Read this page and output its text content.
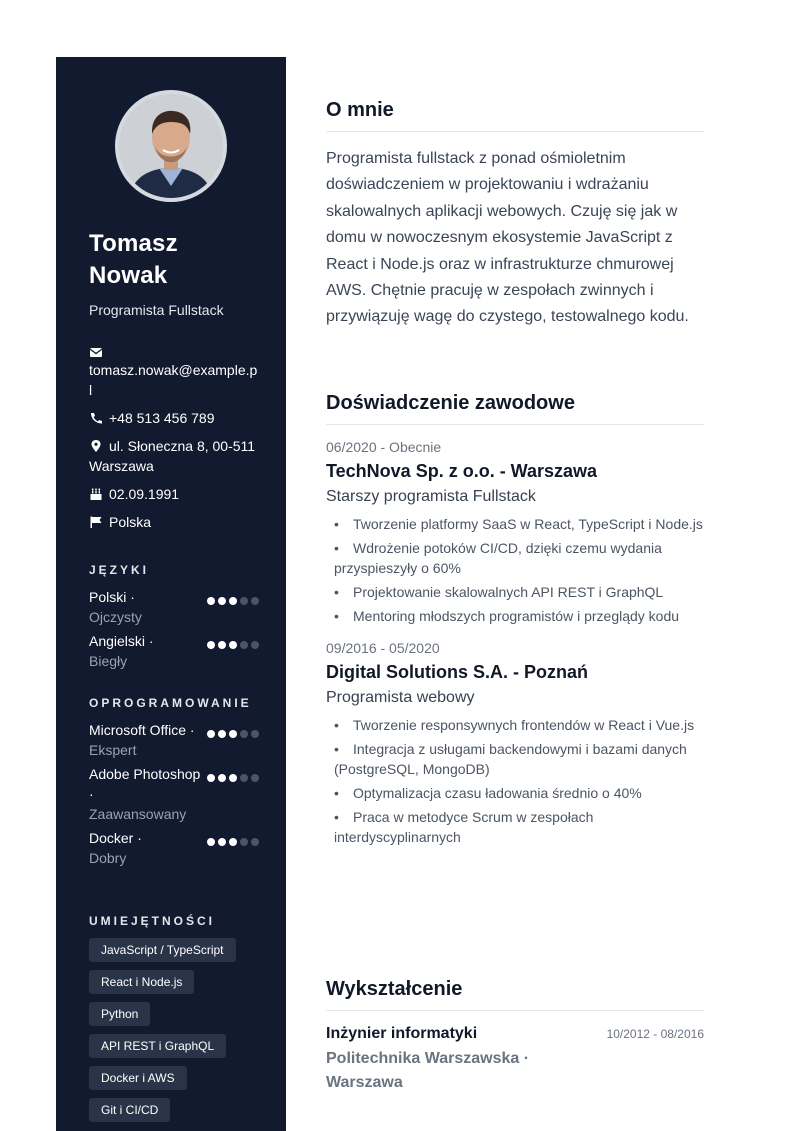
Tomasz Nowak
Programista Fullstack
tomasz.nowak@example.pl
+48 513 456 789
ul. Słoneczna 8, 00-511 Warszawa
02.09.1991
Polska
JĘZYKI
Polski ·
Ojczysty
Angielski ·
Biegły
OPROGRAMOWANIE
Microsoft Office ·
Ekspert
Adobe Photoshop ·
Zaawansowany
Docker ·
Dobry
UMIEJĘTNOŚCI
JavaScript / TypeScript
React i Node.js
Python
API REST i GraphQL
Docker i AWS
Git i CI/CD
O mnie
Programista fullstack z ponad ośmioletnim doświadczeniem w projektowaniu i wdrażaniu skalowalnych aplikacji webowych. Czuję się jak w domu w nowoczesnym ekosystemie JavaScript z React i Node.js oraz w infrastrukturze chmurowej AWS. Chętnie pracuję w zespołach zwinnych i przywiązuję wagę do czystego, testowalnego kodu.
Doświadczenie zawodowe
06/2020 - Obecnie
TechNova Sp. z o.o. - Warszawa
Starszy programista Fullstack
• Tworzenie platformy SaaS w React, TypeScript i Node.js
• Wdrożenie potoków CI/CD, dzięki czemu wydania przyspieszyły o 60%
• Projektowanie skalowalnych API REST i GraphQL
• Mentoring młodszych programistów i przeglądy kodu
09/2016 - 05/2020
Digital Solutions S.A. - Poznań
Programista webowy
• Tworzenie responsywnych frontendów w React i Vue.js
• Integracja z usługami backendowymi i bazami danych (PostgreSQL, MongoDB)
• Optymalizacja czasu ładowania średnio o 40%
• Praca w metodyce Scrum w zespołach interdyscyplinarnych
Wykształcenie
Inżynier informatyki
Politechnika Warszawska · Warszawa
10/2012 - 08/2016
